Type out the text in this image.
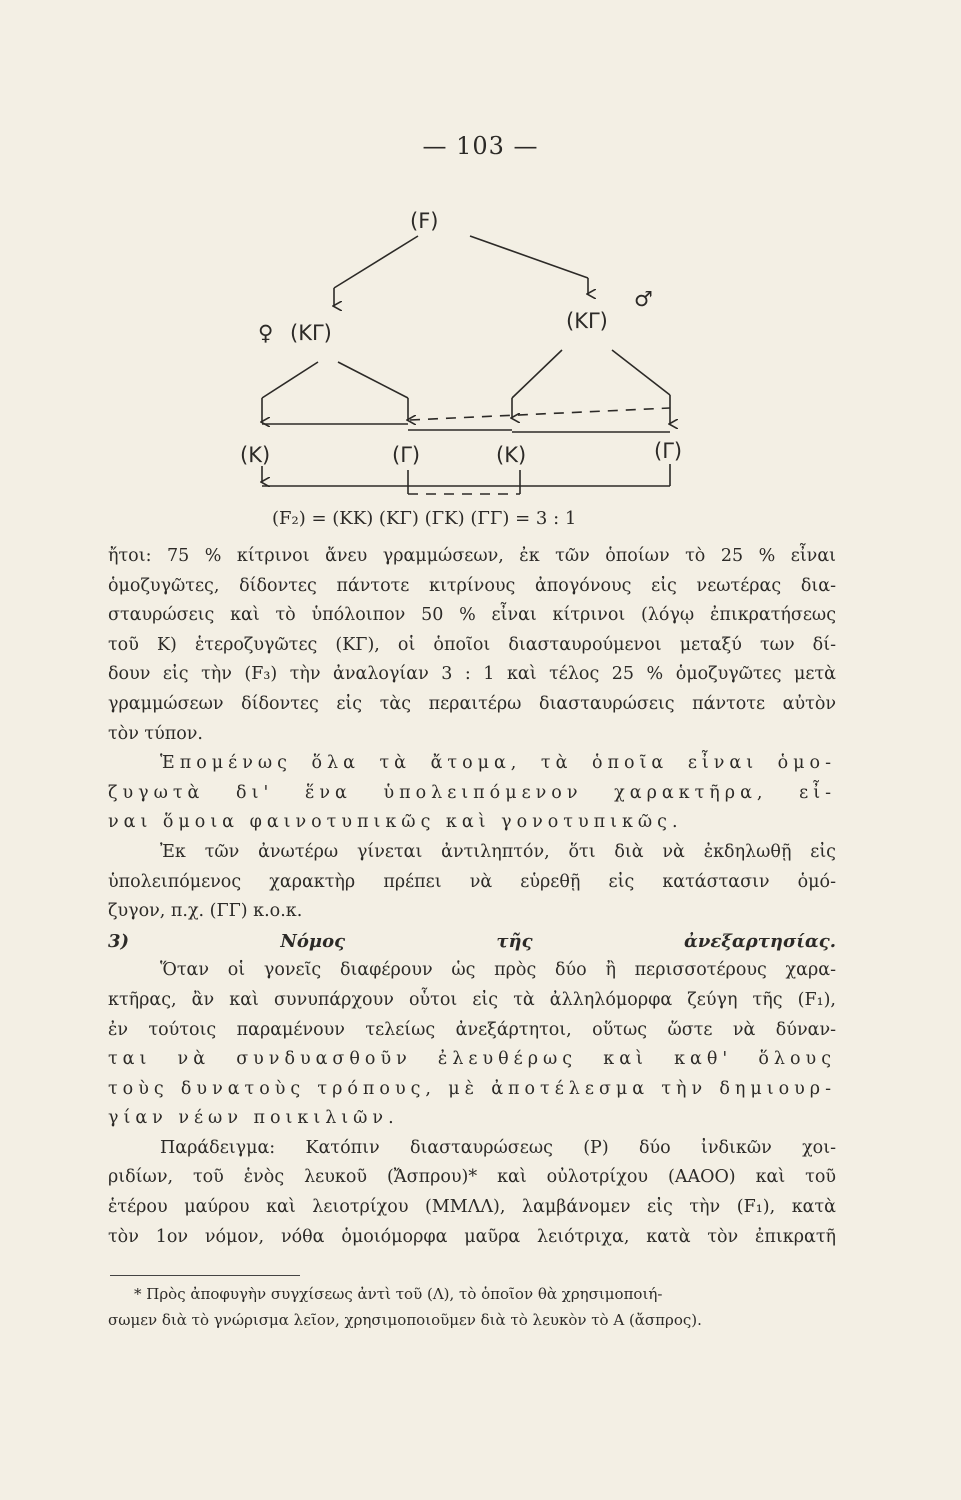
— 103 —
(F)
♀ (ΚΓ)	(ΚΓ)
♂
(Κ)	(Γ)	(Κ)	(Γ)
(F₂) = (ΚΚ) (ΚΓ) (ΓΚ) (ΓΓ) = 3 : 1

ἤτοι: 75 % κίτρινοι ἄνευ γραμμώσεων, ἐκ τῶν ὁποίων τὸ 25 % εἶναι

ὁμοζυγῶτες, δίδοντες πάντοτε κιτρίνους ἀπογόνους εἰς νεωτέρας δια-

σταυρώσεις καὶ τὸ ὑπόλοιπον 50 % εἶναι κίτρινοι (λόγῳ ἐπικρατήσεως

τοῦ Κ) ἑτεροζυγῶτες (ΚΓ), οἱ ὁποῖοι διασταυρούμενοι μεταξύ των δί-

δουν εἰς τὴν (F₃) τὴν ἀναλογίαν 3 : 1 καὶ τέλος 25 % ὁμοζυγῶτες μετὰ

γραμμώσεων δίδοντες εἰς τὰς περαιτέρω διασταυρώσεις πάντοτε αὐτὸν

τὸν τύπον.

Ἑπομένως ὅλα τὰ ἄτομα, τὰ ὁποῖα εἶναι ὁμο-

ζυγωτὰ δι' ἕνα ὑπολειπόμενον χαρακτῆρα, εἶ-

ναι ὅμοια φαινοτυπικῶς καὶ γονοτυπικῶς.

Ἐκ τῶν ἀνωτέρω γίνεται ἀντιληπτόν, ὅτι διὰ νὰ ἐκδηλωθῇ εἰς

ὑπολειπόμενος χαρακτὴρ πρέπει νὰ εὑρεθῇ εἰς κατάστασιν ὁμό-

ζυγον, π.χ. (ΓΓ) κ.ο.κ.

3) Νόμος τῆς ἀνεξαρτησίας.

Ὅταν οἱ γονεῖς διαφέρουν ὡς πρὸς δύο ἢ περισσοτέρους χαρα-

κτῆρας, ἂν καὶ συνυπάρχουν οὗτοι εἰς τὰ ἀλληλόμορφα ζεύγη τῆς (F₁),

ἐν τούτοις παραμένουν τελείως ἀνεξάρτητοι, οὕτως ὥστε νὰ δύναν-

ται νὰ συνδυασθοῦν ἐλευθέρως καὶ καθ' ὅλους

τοὺς δυνατοὺς τρόπους, μὲ ἀποτέλεσμα τὴν δημιουρ-

γίαν νέων ποικιλιῶν.

Παράδειγμα: Κατόπιν διασταυρώσεως (P) δύο ἰνδικῶν χοι-

ριδίων, τοῦ ἑνὸς λευκοῦ (Ἄσπρου)* καὶ οὐλοτρίχου (ΑΑΟΟ) καὶ τοῦ

ἑτέρου μαύρου καὶ λειοτρίχου (ΜΜΛΛ), λαμβάνομεν εἰς τὴν (F₁), κατὰ

τὸν 1ον νόμον, νόθα ὁμοιόμορφα μαῦρα λειότριχα, κατὰ τὸν ἐπικρατῆ

* Πρὸς ἀποφυγὴν συγχίσεως ἀντὶ τοῦ (Λ), τὸ ὁποῖον θὰ χρησιμοποιή-

σωμεν διὰ τὸ γνώρισμα λεῖον, χρησιμοποιοῦμεν διὰ τὸ λευκὸν τὸ Α (ἄσπρος).
